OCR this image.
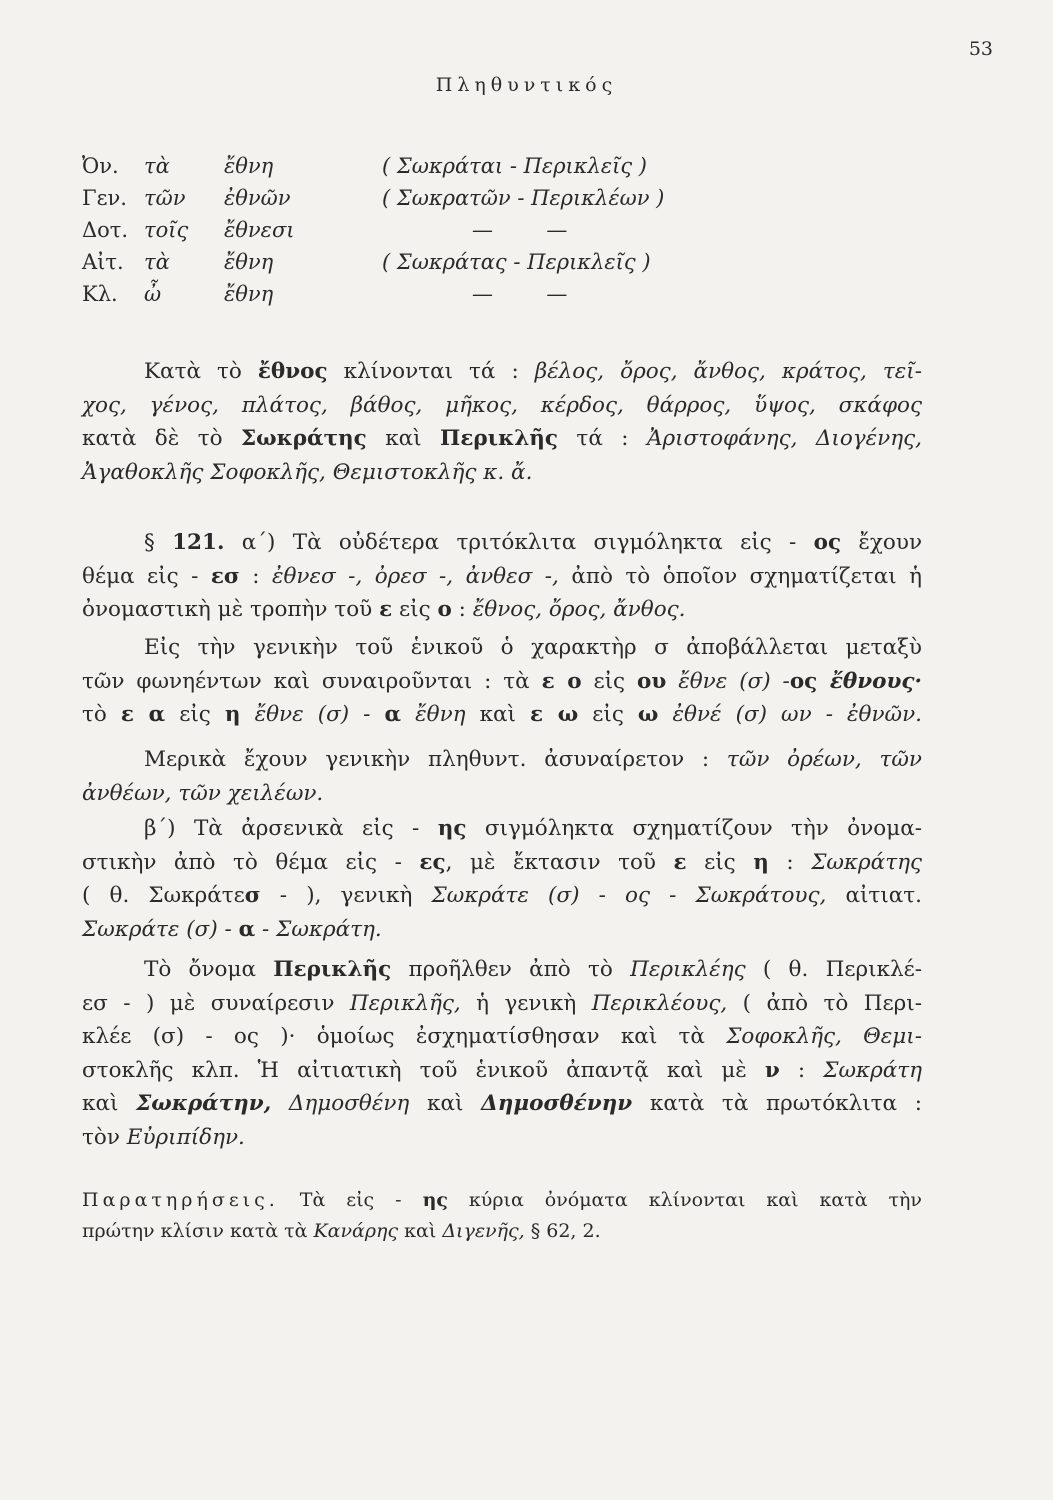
53
Πληθυντικός
Ὀν. τὰ	ἔθνη	( Σωκράται - Περικλεῖς )
Γεν. τῶν ἐθνῶν	( Σωκρατῶν - Περικλέων )
Δοτ. τοῖς ἔθνεσι	—        —
Αἰτ. τὰ	ἔθνη	( Σωκράτας - Περικλεῖς )
Κλ. ὦ	ἔθνη	—        —
Κατὰ τὸ ἔθνος κλίνονται τά : βέλος, ὄρος, ἄνθος, κράτος, τεῖ-
χος, γένος, πλάτος, βάθος, μῆκος, κέρδος, θάρρος, ὕψος, σκάφος
κατὰ δὲ τὸ Σωκράτης καὶ Περικλῆς τά : Ἀριστοφάνης, Διογένης,
Ἀγαθοκλῆς Σοφοκλῆς, Θεμιστοκλῆς κ. ἄ.
§ 121. α΄) Τὰ οὐδέτερα τριτόκλιτα σιγμόληκτα εἰς - ος ἔχουν
θέμα εἰς - εσ : ἐθνεσ -, ὀρεσ -, ἀνθεσ -, ἀπὸ τὸ ὁποῖον σχηματίζεται ἡ
ὀνομαστικὴ μὲ τροπὴν τοῦ ε εἰς ο : ἔθνος, ὄρος, ἄνθος.
Εἰς τὴν γενικὴν τοῦ ἑνικοῦ ὁ χαρακτὴρ σ ἀποβάλλεται μεταξὺ
τῶν φωνηέντων καὶ συναιροῦνται : τὰ ε ο εἰς ου ἔθνε (σ) -ος ἔθνους·
τὸ ε α εἰς η ἔθνε (σ) - α ἔθνη καὶ ε ω εἰς ω ἐθνέ (σ) ων - ἐθνῶν.
Μερικὰ ἔχουν γενικὴν πληθυντ. ἀσυναίρετον : τῶν ὀρέων, τῶν
ἀνθέων, τῶν χειλέων.
β΄) Τὰ ἀρσενικὰ εἰς - ης σιγμόληκτα σχηματίζουν τὴν ὀνομα-
στικὴν ἀπὸ τὸ θέμα εἰς - ες, μὲ ἔκτασιν τοῦ ε εἰς η : Σωκράτης
( θ. Σωκράτεσ - ), γενικὴ Σωκράτε (σ) - ος - Σωκράτους, αἰτιατ.
Σωκράτε (σ) - α - Σωκράτη.
Τὸ ὄνομα Περικλῆς προῆλθεν ἀπὸ τὸ Περικλέης ( θ. Περικλέ-
εσ - ) μὲ συναίρεσιν Περικλῆς, ἡ γενικὴ Περικλέους, ( ἀπὸ τὸ Περι-
κλέε (σ) - ος )· ὁμοίως ἐσχηματίσθησαν καὶ τὰ Σοφοκλῆς, Θεμι-
στοκλῆς κλπ. Ἡ αἰτιατικὴ τοῦ ἑνικοῦ ἀπαντᾷ καὶ μὲ ν : Σωκράτη
καὶ Σωκράτην, Δημοσθένη καὶ Δημοσθένην κατὰ τὰ πρωτόκλιτα :
τὸν Εὐριπίδην.
Παρατηρήσεις. Τὰ εἰς - ης κύρια ὀνόματα κλίνονται καὶ κατὰ τὴν
πρώτην κλίσιν κατὰ τὰ Κανάρης καὶ Διγενῆς, § 62, 2.
